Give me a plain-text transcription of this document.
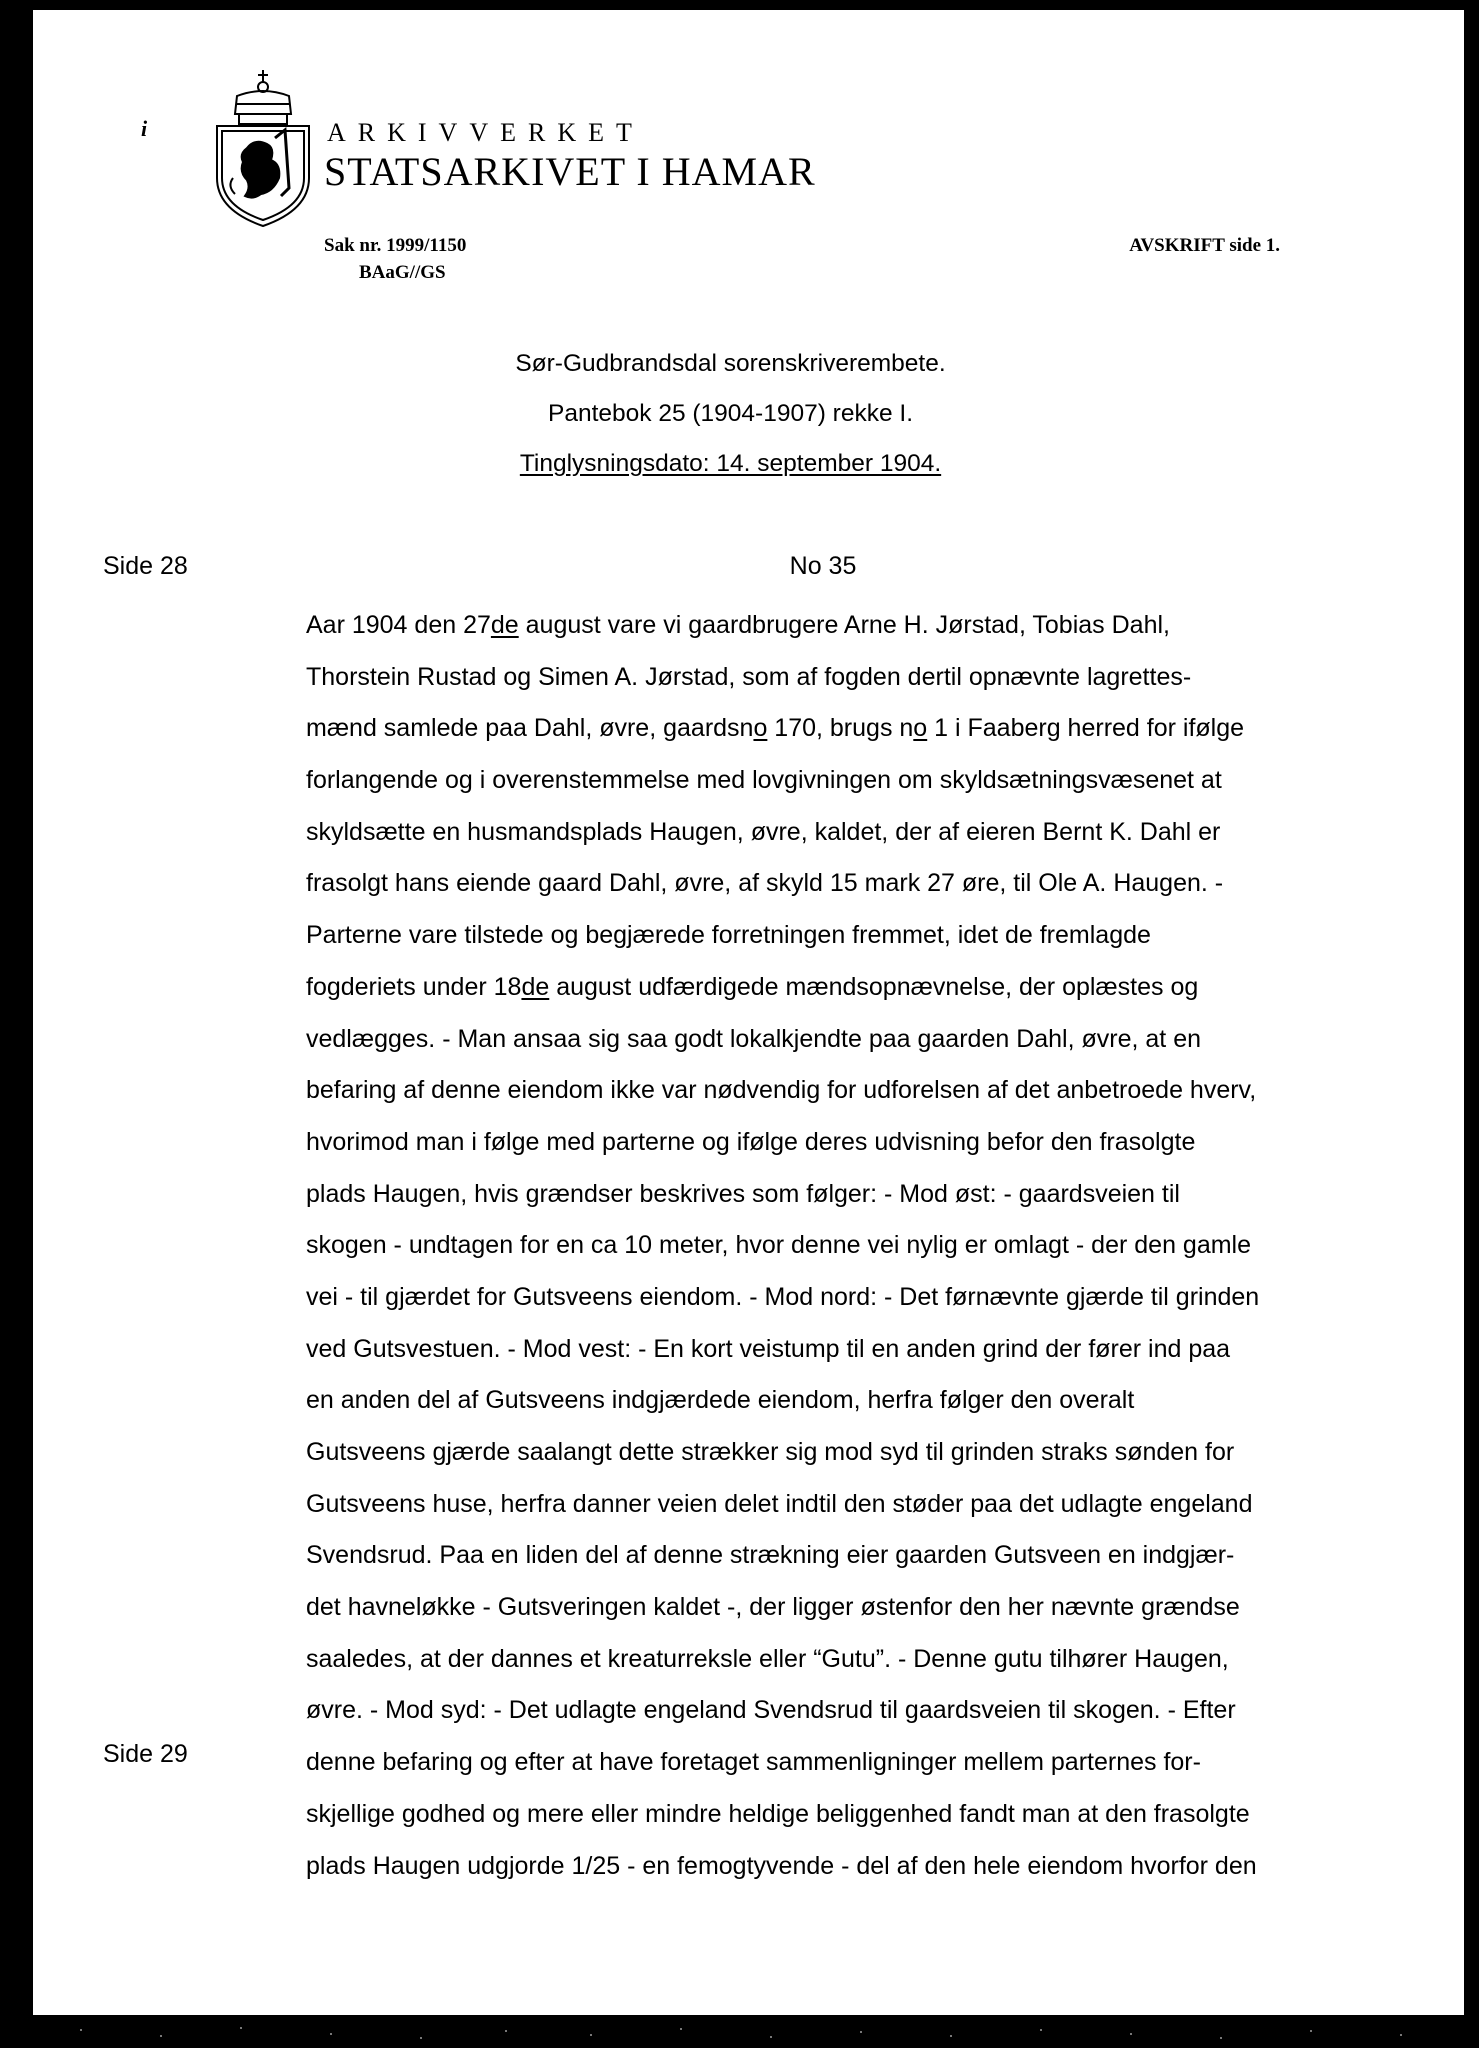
i	ARKIVVERKET
STATSARKIVET I HAMAR
Sak nr. 1999/1150
BAaG//GS
AVSKRIFT side 1.
Sør-Gudbrandsdal sorenskriverembete.
Pantebok 25 (1904-1907) rekke I.
Tinglysningsdato: 14. september 1904.
Side 28
Side 29
No 35
Aar 1904 den 27de august vare vi gaardbrugere Arne H. Jørstad, Tobias Dahl,
Thorstein Rustad og Simen A. Jørstad, som af fogden dertil opnævnte lagrettes-
mænd samlede paa Dahl, øvre, gaardsno 170, brugs no 1 i Faaberg herred for ifølge
forlangende og i overenstemmelse med lovgivningen om skyldsætningsvæsenet at
skyldsætte en husmandsplads Haugen, øvre, kaldet, der af eieren Bernt K. Dahl er
frasolgt hans eiende gaard Dahl, øvre, af skyld 15 mark 27 øre, til Ole A. Haugen. -
Parterne vare tilstede og begjærede forretningen fremmet, idet de fremlagde
fogderiets under 18de august udfærdigede mændsopnævnelse, der oplæstes og
vedlægges. - Man ansaa sig saa godt lokalkjendte paa gaarden Dahl, øvre, at en
befaring af denne eiendom ikke var nødvendig for udforelsen af det anbetroede hverv,
hvorimod man i følge med parterne og ifølge deres udvisning befor den frasolgte
plads Haugen, hvis grændser beskrives som følger: - Mod øst: - gaardsveien til
skogen - undtagen for en ca 10 meter, hvor denne vei nylig er omlagt - der den gamle
vei - til gjærdet for Gutsveens eiendom. - Mod nord: - Det førnævnte gjærde til grinden
ved Gutsvestuen. - Mod vest: - En kort veistump til en anden grind der fører ind paa
en anden del af Gutsveens indgjærdede eiendom, herfra følger den overalt
Gutsveens gjærde saalangt dette strækker sig mod syd til grinden straks sønden for
Gutsveens huse, herfra danner veien delet indtil den støder paa det udlagte engeland
Svendsrud. Paa en liden del af denne strækning eier gaarden Gutsveen en indgjær-
det havneløkke - Gutsveringen kaldet -, der ligger østenfor den her nævnte grændse
saaledes, at der dannes et kreaturreksle eller “Gutu”. - Denne gutu tilhører Haugen,
øvre. - Mod syd: - Det udlagte engeland Svendsrud til gaardsveien til skogen. - Efter
denne befaring og efter at have foretaget sammenligninger mellem parternes for-
skjellige godhed og mere eller mindre heldige beliggenhed fandt man at den frasolgte
plads Haugen udgjorde 1/25 - en femogtyvende - del af den hele eiendom hvorfor den
